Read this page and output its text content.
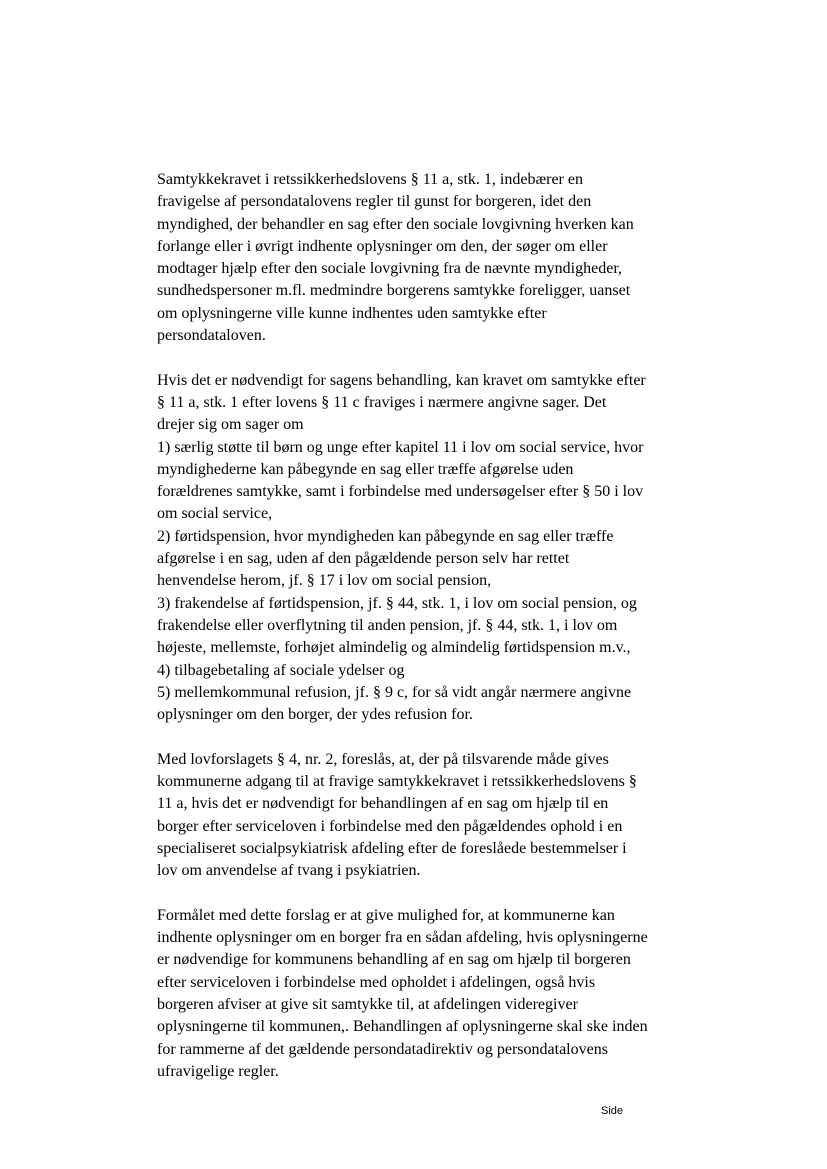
Samtykkekravet i retssikkerhedslovens § 11 a, stk. 1, indebærer en
fravigelse af persondatalovens regler til gunst for borgeren, idet den
myndighed, der behandler en sag efter den sociale lovgivning hverken kan
forlange eller i øvrigt indhente oplysninger om den, der søger om eller
modtager hjælp efter den sociale lovgivning fra de nævnte myndigheder,
sundhedspersoner m.fl. medmindre borgerens samtykke foreligger, uanset
om oplysningerne ville kunne indhentes uden samtykke efter
persondataloven.

Hvis det er nødvendigt for sagens behandling, kan kravet om samtykke efter
§ 11 a, stk. 1 efter lovens § 11 c fraviges i nærmere angivne sager. Det
drejer sig om sager om
1) særlig støtte til børn og unge efter kapitel 11 i lov om social service, hvor
myndighederne kan påbegynde en sag eller træffe afgørelse uden
forældrenes samtykke, samt i forbindelse med undersøgelser efter § 50 i lov
om social service,
2) førtidspension, hvor myndigheden kan påbegynde en sag eller træffe
afgørelse i en sag, uden af den pågældende person selv har rettet
henvendelse herom, jf. § 17 i lov om social pension,
3) frakendelse af førtidspension, jf. § 44, stk. 1, i lov om social pension, og
frakendelse eller overflytning til anden pension, jf. § 44, stk. 1, i lov om
højeste, mellemste, forhøjet almindelig og almindelig førtidspension m.v.,
4) tilbagebetaling af sociale ydelser og
5) mellemkommunal refusion, jf. § 9 c, for så vidt angår nærmere angivne
oplysninger om den borger, der ydes refusion for.

Med lovforslagets § 4, nr. 2, foreslås, at, der på tilsvarende måde gives
kommunerne adgang til at fravige samtykkekravet i retssikkerhedslovens §
11 a, hvis det er nødvendigt for behandlingen af en sag om hjælp til en
borger efter serviceloven i forbindelse med den pågældendes ophold i en
specialiseret socialpsykiatrisk afdeling efter de foreslåede bestemmelser i
lov om anvendelse af tvang i psykiatrien.

Formålet med dette forslag er at give mulighed for, at kommunerne kan
indhente oplysninger om en borger fra en sådan afdeling, hvis oplysningerne
er nødvendige for kommunens behandling af en sag om hjælp til borgeren
efter serviceloven i forbindelse med opholdet i afdelingen, også hvis
borgeren afviser at give sit samtykke til, at afdelingen videregiver
oplysningerne til kommunen,. Behandlingen af oplysningerne skal ske inden
for rammerne af det gældende persondatadirektiv og persondatalovens
ufravigelige regler.

Side
